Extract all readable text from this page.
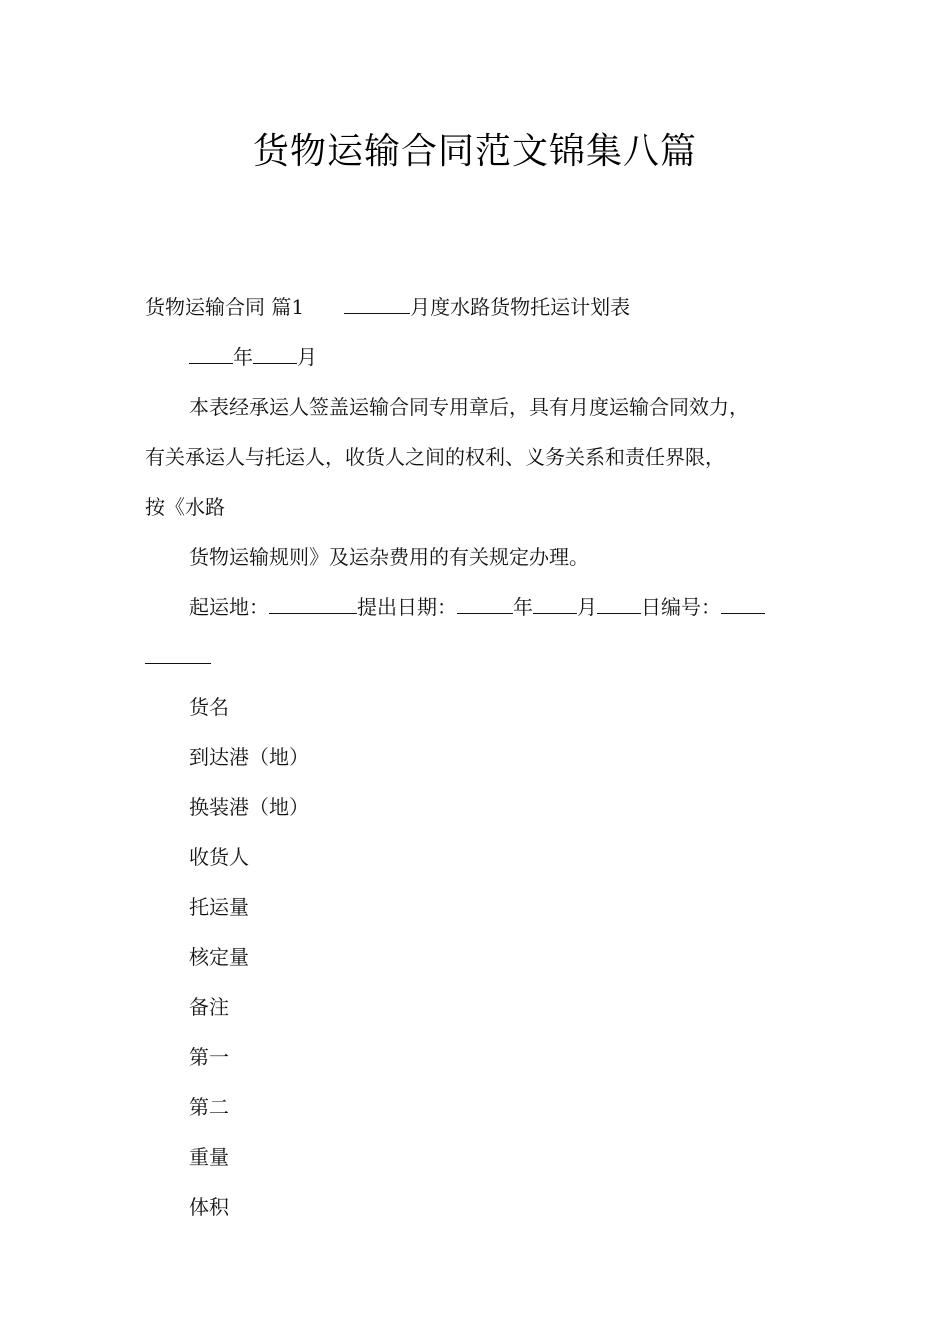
货物运输合同范文锦集八篇
货物运输合同 篇1	月度水路货物托运计划表
年 月
本表经承运人签盖运输合同专用章后，具有月度运输合同效力，
有关承运人与托运人，收货人之间的权利、义务关系和责任界限，
按《水路
货物运输规则》及运杂费用的有关规定办理。
起运地：	提出日期：	年 月 日编号：
货名
到达港（地）
换装港（地）
收货人
托运量
核定量
备注
第一
第二
重量
体积
